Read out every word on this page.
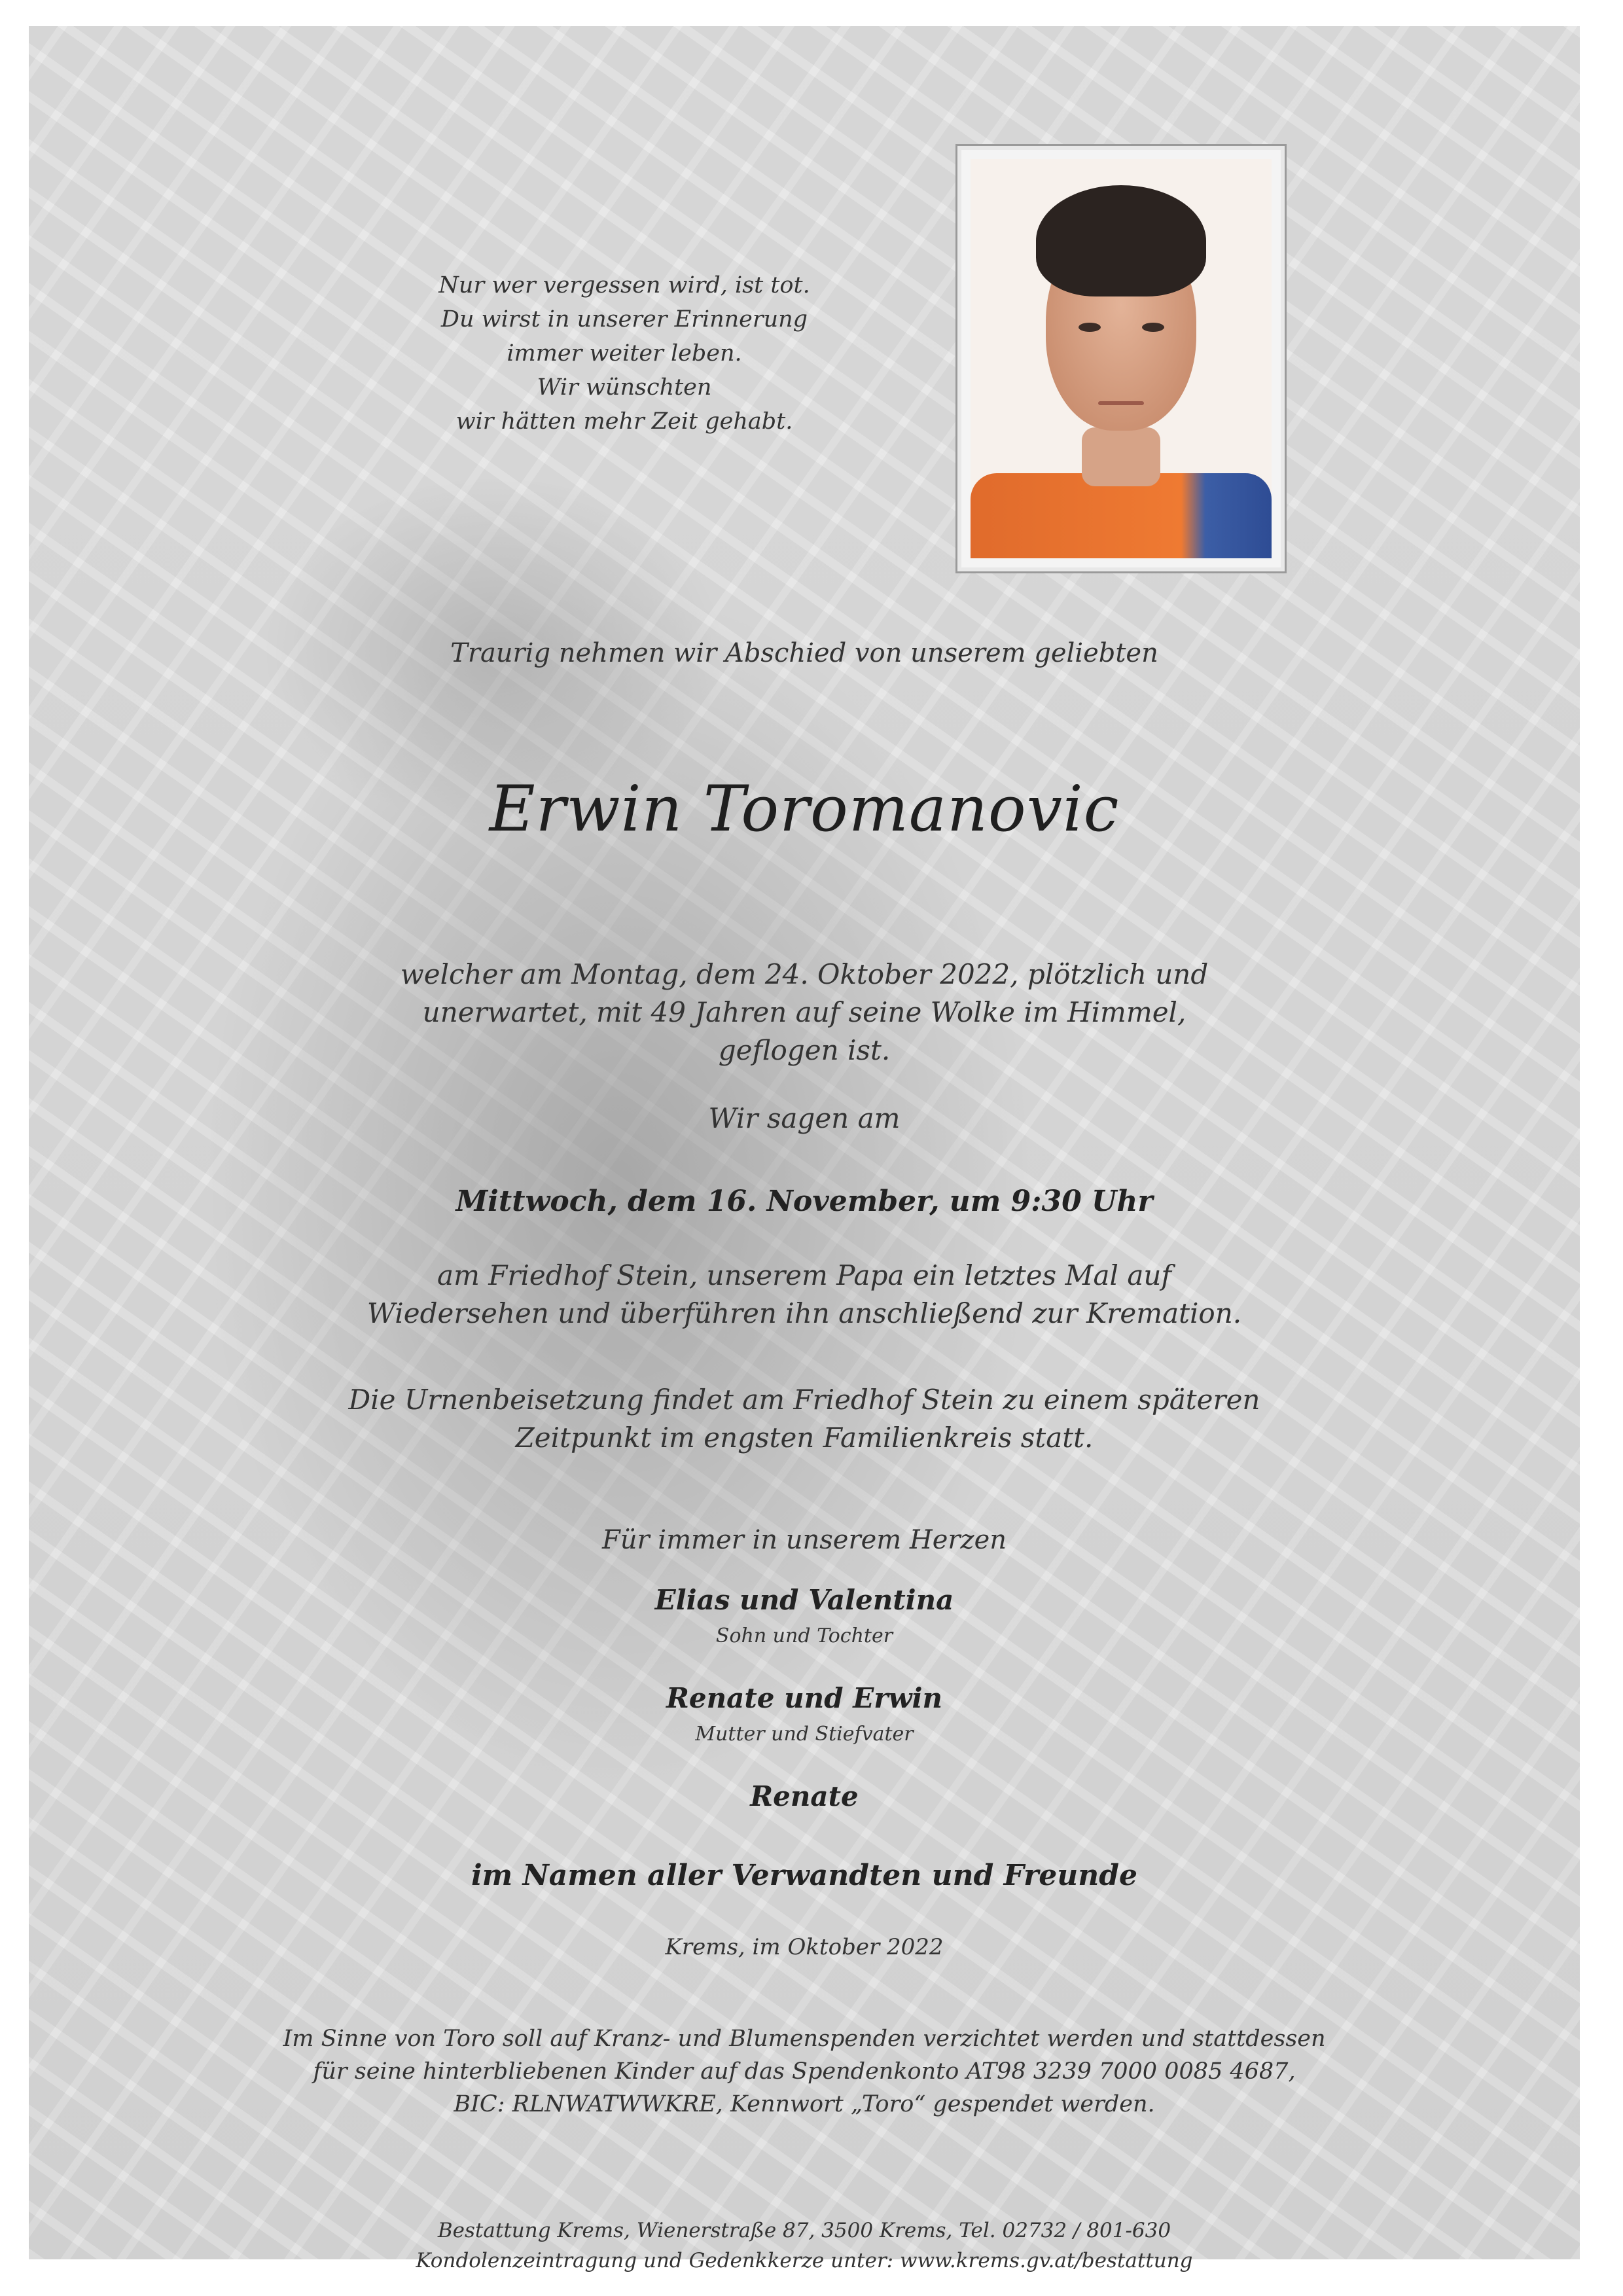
Nur wer vergessen wird, ist tot.
Du wirst in unserer Erinnerung
immer weiter leben.
Wir wünschten
wir hätten mehr Zeit gehabt.
Traurig nehmen wir Abschied von unserem geliebten
Erwin Toromanovic
welcher am Montag, dem 24. Oktober 2022, plötzlich und
unerwartet, mit 49 Jahren auf seine Wolke im Himmel,
geflogen ist.
Wir sagen am
Mittwoch, dem 16. November, um 9:30 Uhr
am Friedhof Stein, unserem Papa ein letztes Mal auf
Wiedersehen und überführen ihn anschließend zur Kremation.
Die Urnenbeisetzung findet am Friedhof Stein zu einem späteren
Zeitpunkt im engsten Familienkreis statt.
Für immer in unserem Herzen
Elias und Valentina
Sohn und Tochter
Renate und Erwin
Mutter und Stiefvater
Renate
im Namen aller Verwandten und Freunde
Krems, im Oktober 2022
Im Sinne von Toro soll auf Kranz- und Blumenspenden verzichtet werden und stattdessen
für seine hinterbliebenen Kinder auf das Spendenkonto AT98 3239 7000 0085 4687,
BIC: RLNWATWWKRE, Kennwort „Toro“ gespendet werden.
Bestattung Krems, Wienerstraße 87, 3500 Krems, Tel. 02732 / 801-630
Kondolenzeintragung und Gedenkkerze unter: www.krems.gv.at/bestattung
